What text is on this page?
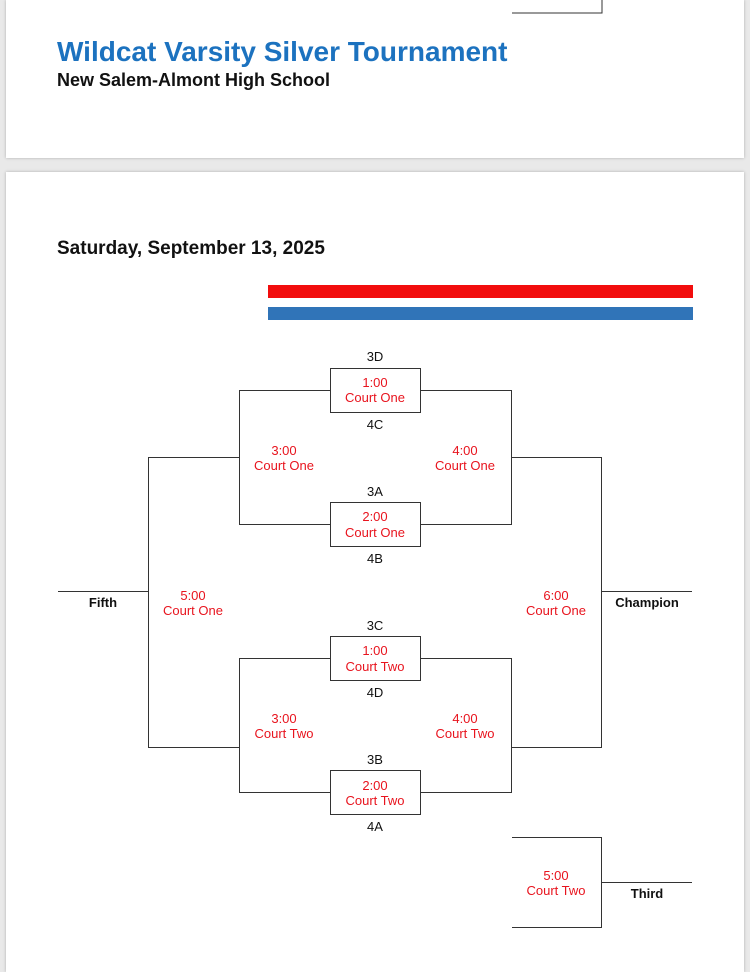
Wildcat Varsity Silver Tournament
New Salem-Almont High School
Saturday, September 13, 2025
3D
4C
3A
4B
3C
4D
3B
4A
1:00
Court One
2:00
Court One
1:00
Court Two
2:00
Court Two
3:00
Court One
4:00
Court One
3:00
Court Two
4:00
Court Two
5:00
Court One
6:00
Court One
5:00
Court Two
Fifth	Champion
Third
